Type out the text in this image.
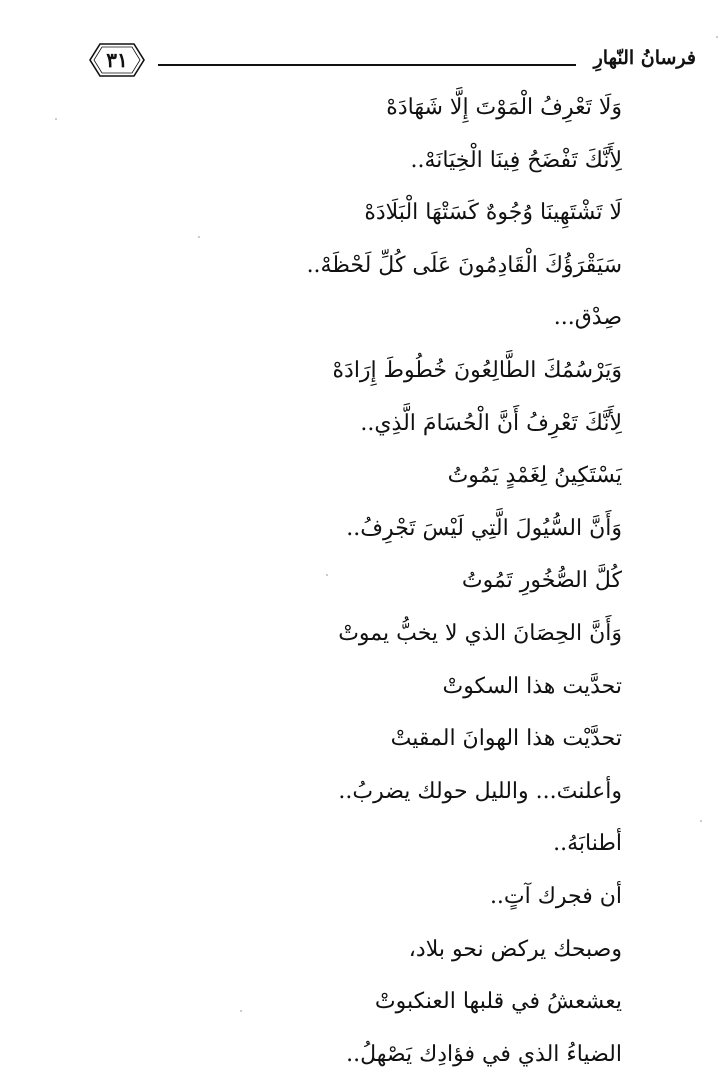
٣١	فرسانُ النّهارِ
وَلَا تَعْرِفُ الْمَوْتَ إِلَّا شَهَادَهْ
لِأَنَّكَ تَفْضَحُ فِينَا الْخِيَانَهْ..
لَا تَشْتَهِينَا وُجُوهٌ كَسَتْهَا الْبَلَادَهْ
سَيَقْرَؤُكَ الْقَادِمُونَ عَلَى كُلِّ لَحْظَهْ..
صِدْق...
وَيَرْسُمُكَ الطَّالِعُونَ خُطُوطَ إِرَادَهْ
لِأَنَّكَ تَعْرِفُ أَنَّ الْحُسَامَ الَّذِي..
يَسْتَكِينُ لِغَمْدٍ يَمُوتُ
وَأَنَّ السُّيُولَ الَّتِي لَيْسَ تَجْرِفُ..
كُلَّ الصُّخُورِ تَمُوتُ
وَأَنَّ الحِصَانَ الذي لا يخبُّ يموتْ
تحدَّيت هذا السكوتْ
تحدَّيْت هذا الهوانَ المقيتْ
وأعلنتَ... والليل حولك يضربُ..
أطنابَهُ..
أن فجرك آتٍ..
وصبحك يركض نحو بلاد،
يعشعشُ في قلبها العنكبوتْ
الضياءُ الذي في فؤادِك يَصْهلُ..
